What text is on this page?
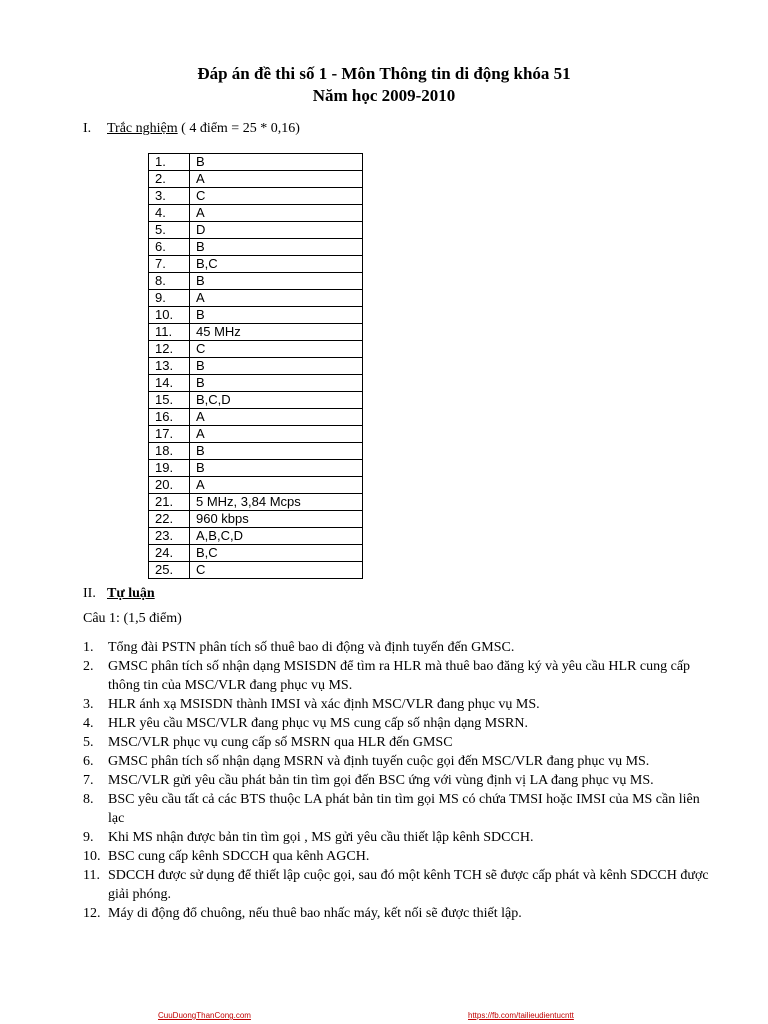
Đáp án đề thi số 1 - Môn Thông tin di động khóa 51
Năm học 2009-2010

I. Trắc nghiệm ( 4 điểm = 25 * 0,16)

1.	B
2.	A
3.	C
4.	A
5.	D
6.	B
7.	B,C
8.	B
9.	A
10.	B
11.	45 MHz
12.	C
13.	B
14.	B
15.	B,C,D
16.	A
17.	A
18.	B
19.	B
20.	A
21.	5 MHz, 3,84 Mcps
22.	960 kbps
23.	A,B,C,D
24.	B,C
25.	C

II. Tự luận

Câu 1: (1,5 điểm)

1. Tổng đài PSTN phân tích số thuê bao di động và định tuyến đến GMSC.
2. GMSC phân tích số nhận dạng MSISDN để tìm ra HLR mà thuê bao đăng ký và yêu cầu HLR cung cấp thông tin của MSC/VLR đang phục vụ MS.
3. HLR ánh xạ MSISDN thành IMSI và xác định MSC/VLR đang phục vụ MS.
4. HLR yêu cầu MSC/VLR đang phục vụ MS cung cấp số nhận dạng MSRN.
5. MSC/VLR phục vụ cung cấp số MSRN qua HLR đến GMSC
6. GMSC phân tích số nhận dạng MSRN và định tuyến cuộc gọi đến MSC/VLR đang phục vụ MS.
7. MSC/VLR gửi yêu cầu phát bản tin tìm gọi đến BSC ứng với vùng định vị LA đang phục vụ MS.
8. BSC yêu cầu tất cả các BTS thuộc LA phát bản tin tìm gọi MS có chứa TMSI hoặc IMSI của MS cần liên lạc
9. Khi MS nhận được bản tin tìm gọi , MS gửi yêu cầu thiết lập kênh SDCCH.
10. BSC cung cấp kênh SDCCH qua kênh AGCH.
11. SDCCH được sử dụng để thiết lập cuộc gọi, sau đó một kênh TCH sẽ được cấp phát và kênh SDCCH được giải phóng.
12. Máy di động đổ chuông, nếu thuê bao nhấc máy, kết nối sẽ được thiết lập.
CuuDuongThanCong.com	https://fb.com/tailieudientucntt
